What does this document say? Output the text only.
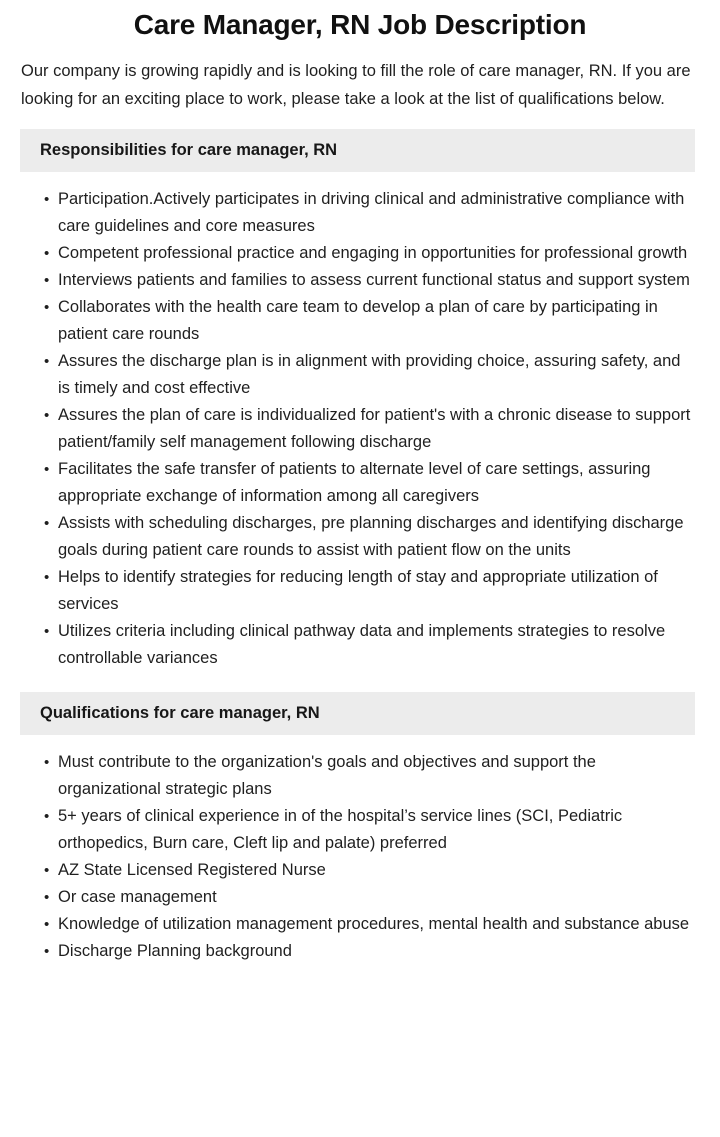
Care Manager, RN Job Description

Our company is growing rapidly and is looking to fill the role of care manager, RN. If you are looking for an exciting place to work, please take a look at the list of qualifications below.

Responsibilities for care manager, RN
• Participation.Actively participates in driving clinical and administrative compliance with care guidelines and core measures
• Competent professional practice and engaging in opportunities for professional growth
• Interviews patients and families to assess current functional status and support system
• Collaborates with the health care team to develop a plan of care by participating in patient care rounds
• Assures the discharge plan is in alignment with providing choice, assuring safety, and is timely and cost effective
• Assures the plan of care is individualized for patient's with a chronic disease to support patient/family self management following discharge
• Facilitates the safe transfer of patients to alternate level of care settings, assuring appropriate exchange of information among all caregivers
• Assists with scheduling discharges, pre planning discharges and identifying discharge goals during patient care rounds to assist with patient flow on the units
• Helps to identify strategies for reducing length of stay and appropriate utilization of services
• Utilizes criteria including clinical pathway data and implements strategies to resolve controllable variances
Qualifications for care manager, RN
• Must contribute to the organization's goals and objectives and support the organizational strategic plans
• 5+ years of clinical experience in of the hospital’s service lines (SCI, Pediatric orthopedics, Burn care, Cleft lip and palate) preferred
• AZ State Licensed Registered Nurse
• Or case management
• Knowledge of utilization management procedures, mental health and substance abuse
• Discharge Planning background
